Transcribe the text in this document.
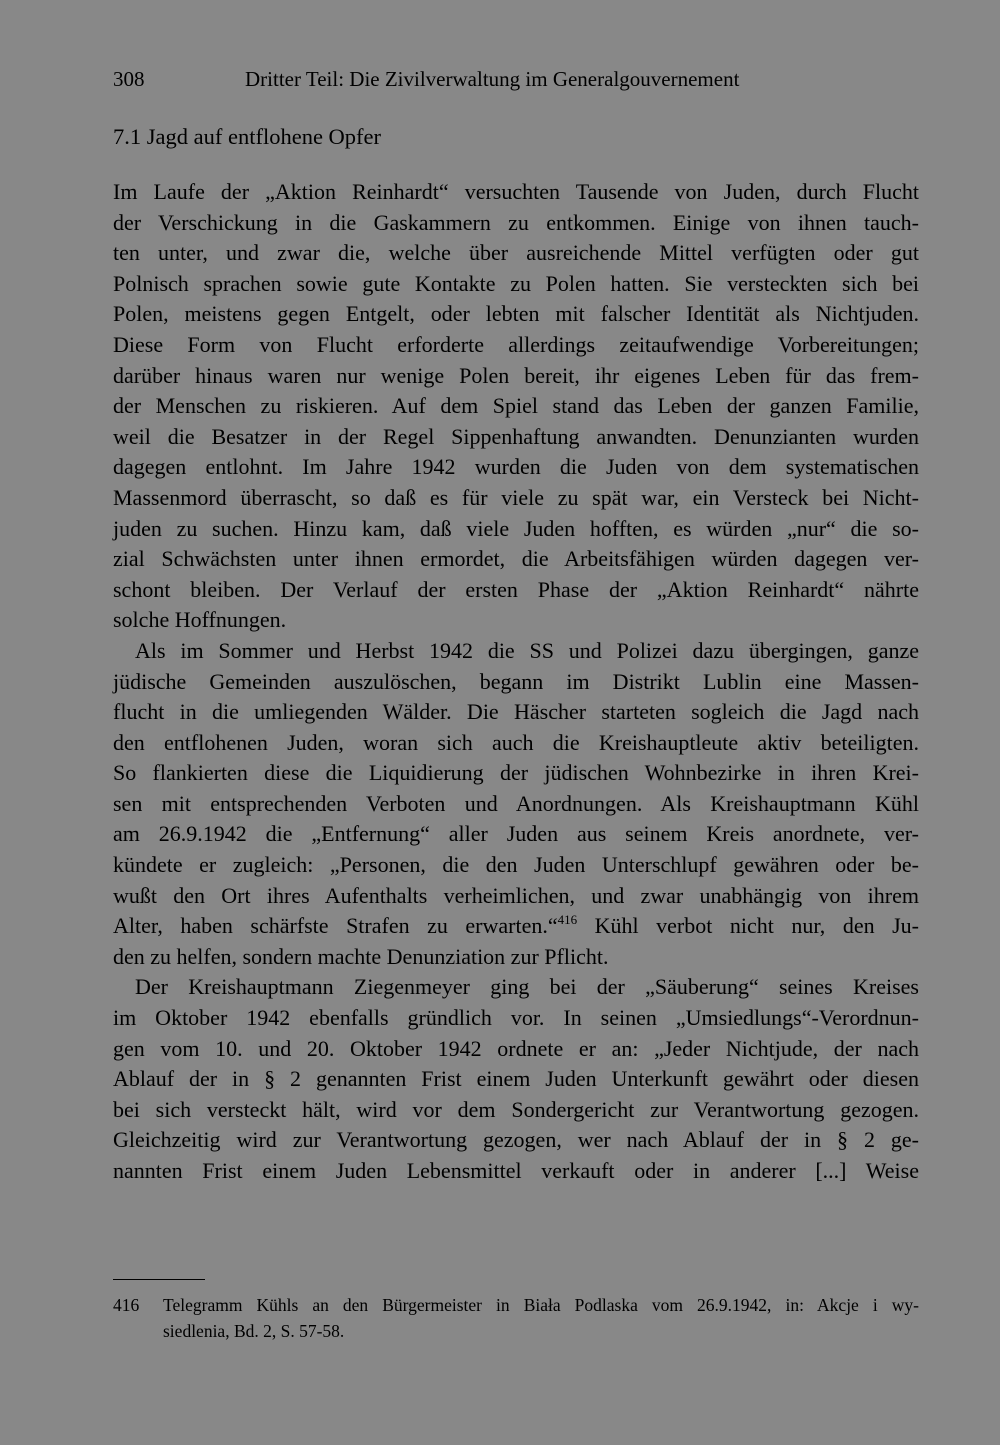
308	Dritter Teil: Die Zivilverwaltung im Generalgouvernement
7.1 Jagd auf entflohene Opfer
Im Laufe der „Aktion Reinhardt“ versuchten Tausende von Juden, durch Flucht
der Verschickung in die Gaskammern zu entkommen. Einige von ihnen tauch-
ten unter, und zwar die, welche über ausreichende Mittel verfügten oder gut
Polnisch sprachen sowie gute Kontakte zu Polen hatten. Sie versteckten sich bei
Polen, meistens gegen Entgelt, oder lebten mit falscher Identität als Nichtjuden.
Diese Form von Flucht erforderte allerdings zeitaufwendige Vorbereitungen;
darüber hinaus waren nur wenige Polen bereit, ihr eigenes Leben für das frem-
der Menschen zu riskieren. Auf dem Spiel stand das Leben der ganzen Familie,
weil die Besatzer in der Regel Sippenhaftung anwandten. Denunzianten wurden
dagegen entlohnt. Im Jahre 1942 wurden die Juden von dem systematischen
Massenmord überrascht, so daß es für viele zu spät war, ein Versteck bei Nicht-
juden zu suchen. Hinzu kam, daß viele Juden hofften, es würden „nur“ die so-
zial Schwächsten unter ihnen ermordet, die Arbeitsfähigen würden dagegen ver-
schont bleiben. Der Verlauf der ersten Phase der „Aktion Reinhardt“ nährte
solche Hoffnungen.
Als im Sommer und Herbst 1942 die SS und Polizei dazu übergingen, ganze
jüdische Gemeinden auszulöschen, begann im Distrikt Lublin eine Massen-
flucht in die umliegenden Wälder. Die Häscher starteten sogleich die Jagd nach
den entflohenen Juden, woran sich auch die Kreishauptleute aktiv beteiligten.
So flankierten diese die Liquidierung der jüdischen Wohnbezirke in ihren Krei-
sen mit entsprechenden Verboten und Anordnungen. Als Kreishauptmann Kühl
am 26.9.1942 die „Entfernung“ aller Juden aus seinem Kreis anordnete, ver-
kündete er zugleich: „Personen, die den Juden Unterschlupf gewähren oder be-
wußt den Ort ihres Aufenthalts verheimlichen, und zwar unabhängig von ihrem
Alter, haben schärfste Strafen zu erwarten.“$^{416}$ Kühl verbot nicht nur, den Ju-
den zu helfen, sondern machte Denunziation zur Pflicht.
Der Kreishauptmann Ziegenmeyer ging bei der „Säuberung“ seines Kreises
im Oktober 1942 ebenfalls gründlich vor. In seinen „Umsiedlungs“-Verordnun-
gen vom 10. und 20. Oktober 1942 ordnete er an: „Jeder Nichtjude, der nach
Ablauf der in § 2 genannten Frist einem Juden Unterkunft gewährt oder diesen
bei sich versteckt hält, wird vor dem Sondergericht zur Verantwortung gezogen.
Gleichzeitig wird zur Verantwortung gezogen, wer nach Ablauf der in § 2 ge-
nannten Frist einem Juden Lebensmittel verkauft oder in anderer [...] Weise
416 Telegramm Kühls an den Bürgermeister in Biała Podlaska vom 26.9.1942, in: Akcje i wy-
siedlenia, Bd. 2, S. 57-58.
